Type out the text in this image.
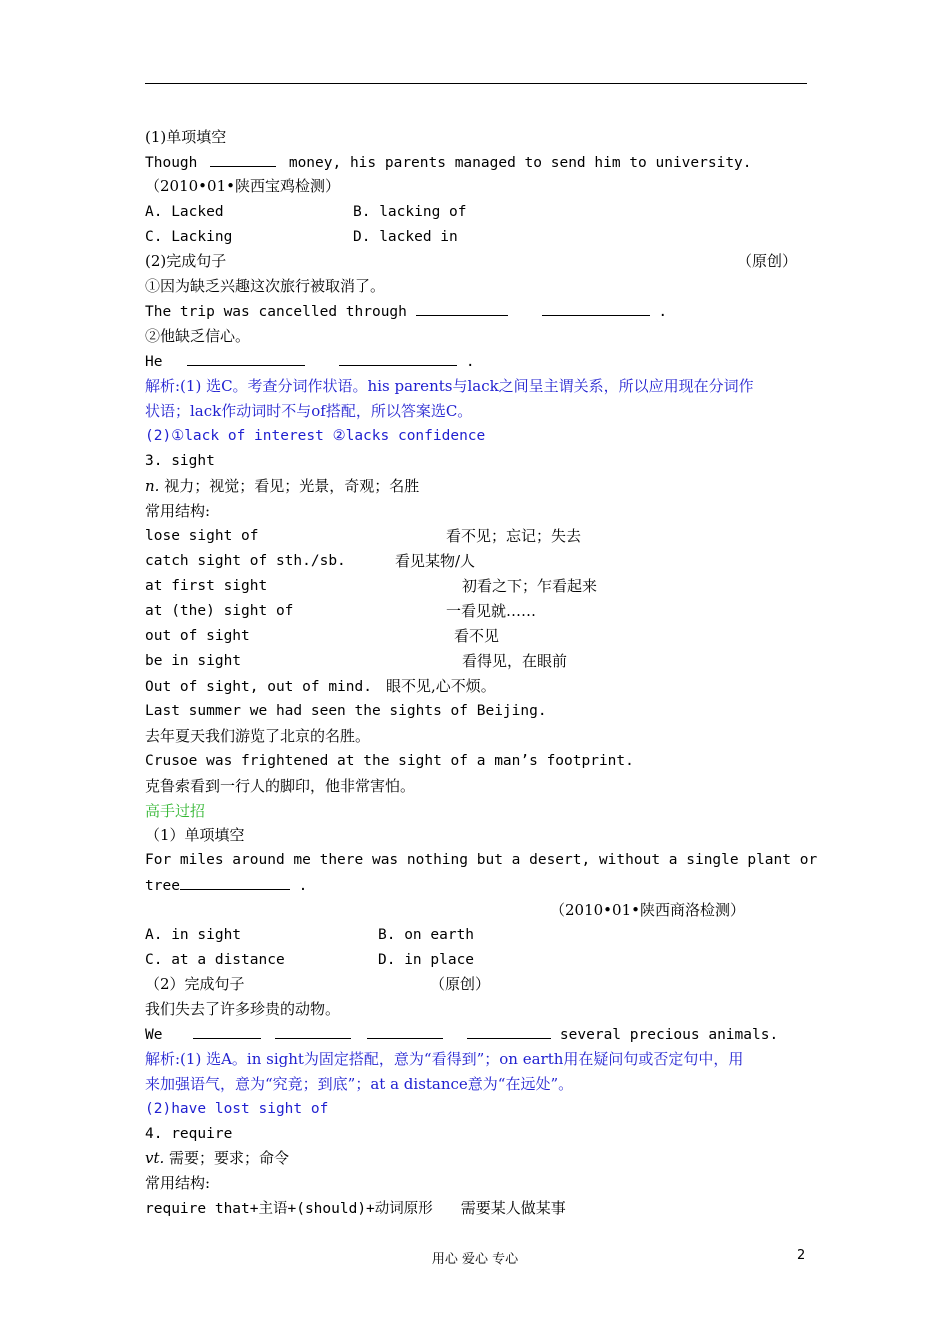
(1)单项填空
Though	money, his parents managed to send him to university.
（2010•01•陕西宝鸡检测）

A. Lacked

	B. lacking of

C. Lacking

	D. lacked in

(2)完成句子

	（原创）

①因为缺乏兴趣这次旅行被取消了。
The trip was cancelled through	.
②他缺乏信心。
He	.
解析:(1) 选C。考查分词作状语。his parents与lack之间呈主谓关系，所以应用现在分词作
状语；lack作动词时不与of搭配，所以答案选C。
(2)①lack of interest ②lacks confidence
3. sight
n. 视力；视觉；看见；光景，奇观；名胜
常用结构:

lose sight of

	看不见；忘记；失去

catch sight of sth./sb.

	看见某物/人

at first sight

	初看之下；乍看起来

at (the) sight of

	一看见就……

out of sight

	看不见

be in sight

	看得见，在眼前

Out of sight, out of mind. 眼不见,心不烦。
Last summer we had seen the sights of Beijing.
去年夏天我们游览了北京的名胜。
Crusoe was frightened at the sight of a man’s footprint.
克鲁索看到一行人的脚印，他非常害怕。
高手过招
（1）单项填空
For miles around me there was nothing but a desert, without a single plant or
tree	.

（2010•01•陕西商洛检测）

A. in sight

	B. on earth

C. at a distance

	D. in place

（2）完成句子

	（原创）

我们失去了许多珍贵的动物。
We	several precious animals.
解析:(1) 选A。in sight为固定搭配，意为“看得到”；on earth用在疑问句或否定句中，用
来加强语气，意为“究竟；到底”；at a distance意为“在远处”。
(2)have lost sight of
4. require
vt. 需要；要求；命令
常用结构:
require that+主语+(should)+动词原形 需要某人做某事
用心 爱心 专心	2
